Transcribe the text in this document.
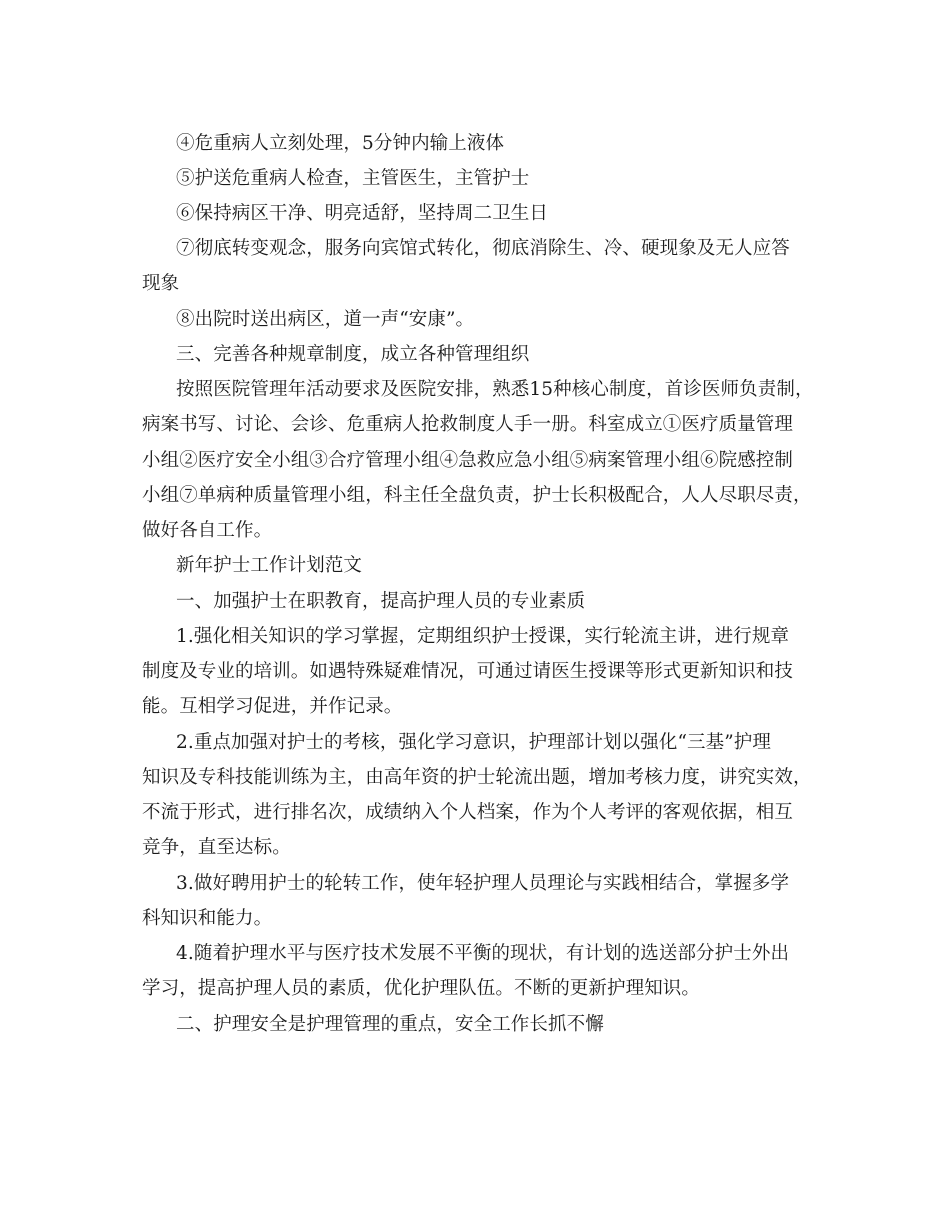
④危重病人立刻处理，5分钟内输上液体
⑤护送危重病人检查，主管医生，主管护士
⑥保持病区干净、明亮适舒，坚持周二卫生日
⑦彻底转变观念，服务向宾馆式转化，彻底消除生、冷、硬现象及无人应答
现象
⑧出院时送出病区，道一声“安康”。
三、完善各种规章制度，成立各种管理组织
按照医院管理年活动要求及医院安排，熟悉15种核心制度，首诊医师负责制，
病案书写、讨论、会诊、危重病人抢救制度人手一册。科室成立①医疗质量管理
小组②医疗安全小组③合疗管理小组④急救应急小组⑤病案管理小组⑥院感控制
小组⑦单病种质量管理小组，科主任全盘负责，护士长积极配合，人人尽职尽责，
做好各自工作。
新年护士工作计划范文
一、加强护士在职教育，提高护理人员的专业素质
1.强化相关知识的学习掌握，定期组织护士授课，实行轮流主讲，进行规章
制度及专业的培训。如遇特殊疑难情况，可通过请医生授课等形式更新知识和技
能。互相学习促进，并作记录。
2.重点加强对护士的考核，强化学习意识，护理部计划以强化“三基”护理
知识及专科技能训练为主，由高年资的护士轮流出题，增加考核力度，讲究实效，
不流于形式，进行排名次，成绩纳入个人档案，作为个人考评的客观依据，相互
竞争，直至达标。
3.做好聘用护士的轮转工作，使年轻护理人员理论与实践相结合，掌握多学
科知识和能力。
4.随着护理水平与医疗技术发展不平衡的现状，有计划的选送部分护士外出
学习，提高护理人员的素质，优化护理队伍。不断的更新护理知识。
二、护理安全是护理管理的重点，安全工作长抓不懈
